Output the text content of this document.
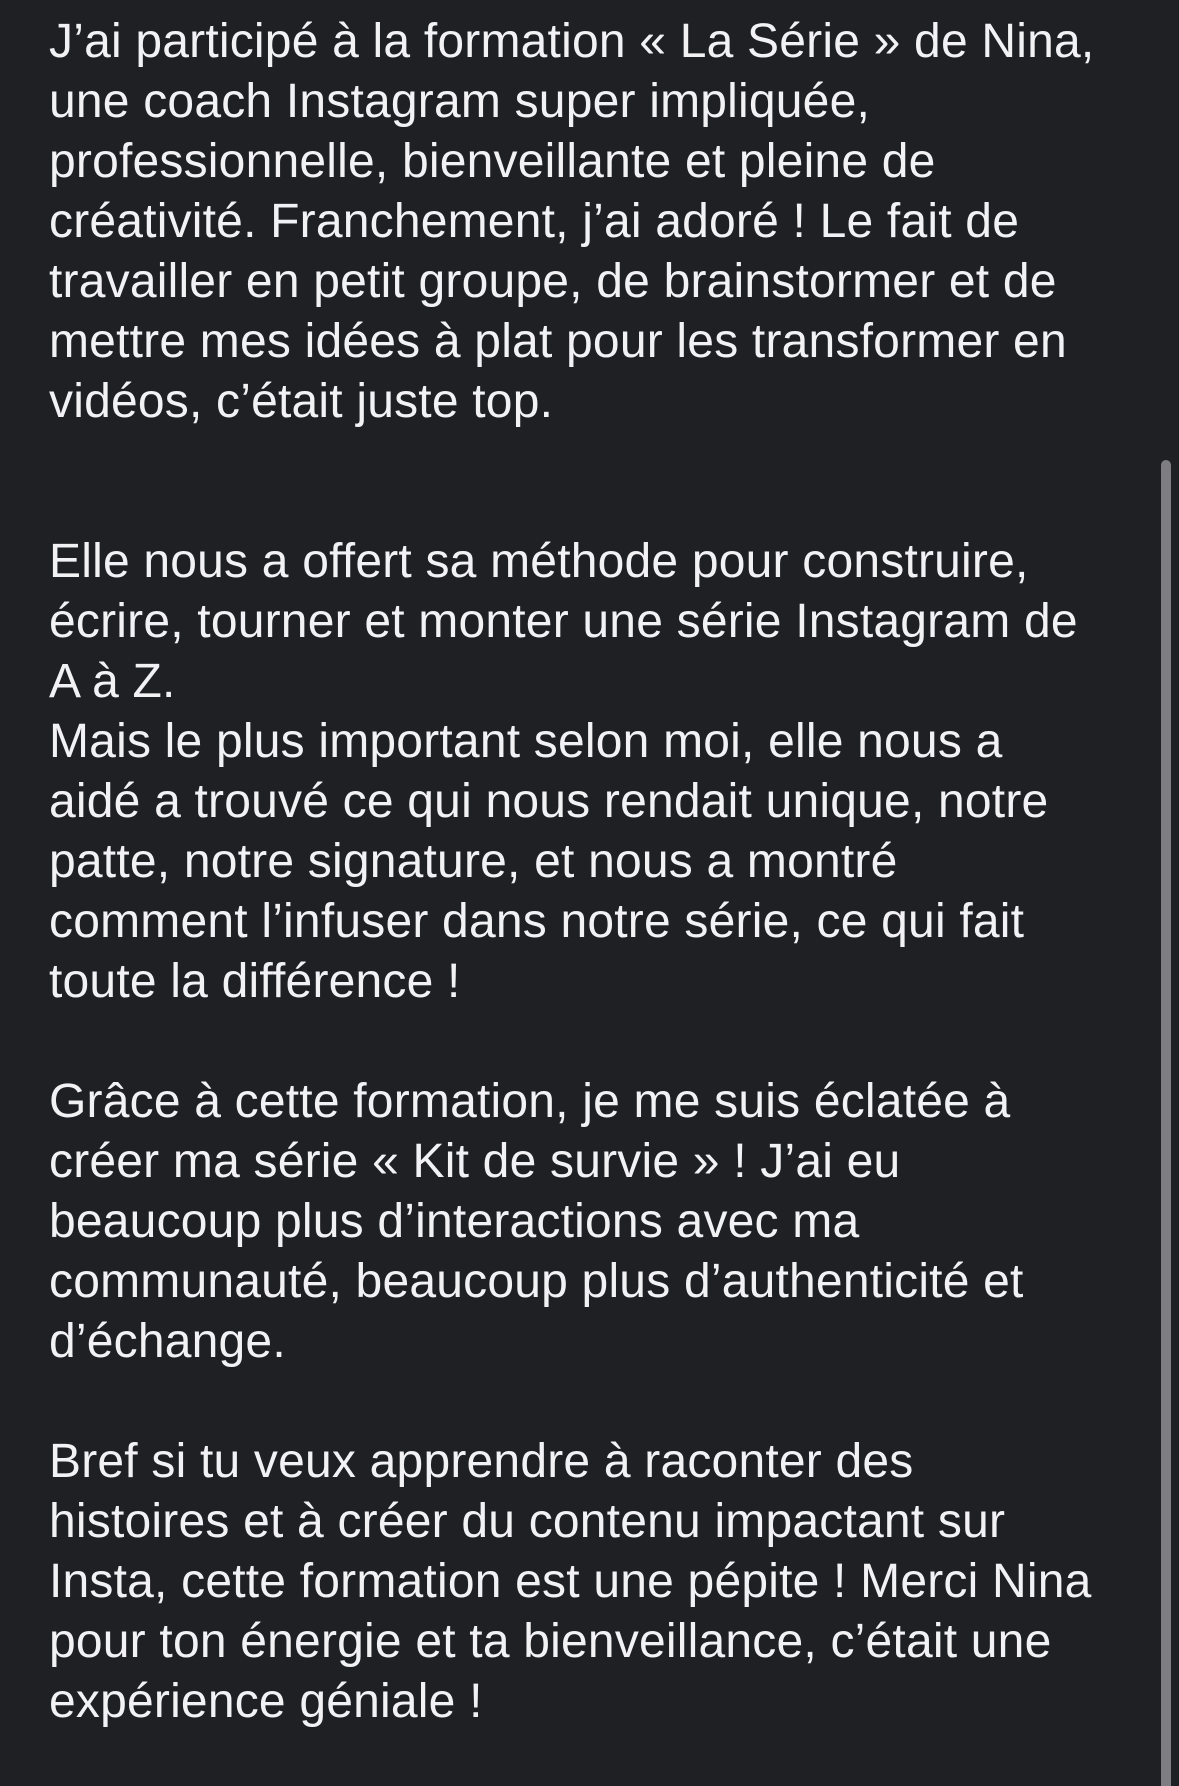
J’ai participé à la formation « La Série » de Nina,
une coach Instagram super impliquée,
professionnelle, bienveillante et pleine de
créativité. Franchement, j’ai adoré ! Le fait de
travailler en petit groupe, de brainstormer et de
mettre mes idées à plat pour les transformer en
vidéos, c’était juste top.
Elle nous a offert sa méthode pour construire,
écrire, tourner et monter une série Instagram de
A à Z.
Mais le plus important selon moi, elle nous a
aidé a trouvé ce qui nous rendait unique, notre
patte, notre signature, et nous a montré
comment l’infuser dans notre série, ce qui fait
toute la différence !
Grâce à cette formation, je me suis éclatée à
créer ma série « Kit de survie » ! J’ai eu
beaucoup plus d’interactions avec ma
communauté, beaucoup plus d’authenticité et
d’échange.
Bref si tu veux apprendre à raconter des
histoires et à créer du contenu impactant sur
Insta, cette formation est une pépite ! Merci Nina
pour ton énergie et ta bienveillance, c’était une
expérience géniale !
